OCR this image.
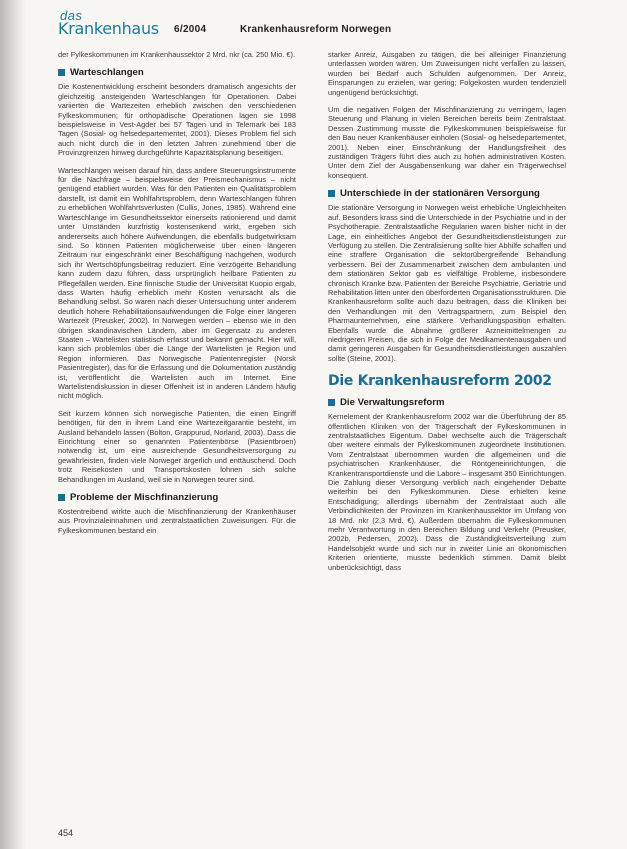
das
Krankenhaus 6/2004	Krankenhausreform Norwegen

der Fylkeskommunen im Krankenhaussektor 2 Mrd. nkr (ca. 250 Mio. €).

Warteschlangen

Die Kostenentwicklung erscheint besonders dramatisch angesichts der gleichzeitig ansteigenden Warteschlangen für Operationen. Dabei variierten die Wartezeiten erheblich zwischen den verschiedenen Fylkeskommunen; für orthopädische Operationen lagen sie 1998 beispielsweise in Vest-Agder bei 57 Tagen und in Telemark bei 183 Tagen (Sosial- og helsedepartementet, 2001). Dieses Problem fiel sich auch nicht durch die in den letzten Jahren zunehmend über die Provinzgrenzen hinweg durchgeführte Kapazitätsplanung beseitigen.

Warteschlangen weisen darauf hin, dass andere Steuerungsinstrumente für die Nachfrage – beispielsweise der Preismechanismus – nicht genügend etabliert wurden. Was für den Patienten ein Qualitätsproblem darstellt, ist damit ein Wohlfahrtsproblem, denn Warteschlangen führen zu erheblichen Wohlfahrtsverlusten (Cullis, Jones, 1985). Während eine Warteschlange im Gesundheitssektor einerseits rationierend und damit unter Umständen kurzfristig kostensenkend wirkt, ergeben sich andererseits auch höhere Aufwendungen, die ebenfalls budgetwirksam sind. So können Patienten möglicherweise über einen längeren Zeitraum nur eingeschränkt einer Beschäftigung nachgehen, wodurch sich ihr Wertschöpfungsbeitrag reduziert. Eine verzögerte Behandlung kann zudem dazu führen, dass ursprünglich heilbare Patienten zu Pflegefällen werden. Eine finnische Studie der Universität Kuopio ergab, dass Warten häufig erheblich mehr Kosten verursacht als die Behandlung selbst. So waren nach dieser Untersuchung unter anderem deutlich höhere Rehabilitationsaufwendungen die Folge einer längeren Wartezeit (Preusker, 2002). In Norwegen werden – ebenso wie in den übrigen skandinavischen Ländern, aber im Gegensatz zu anderen Staaten – Wartelisten statistisch erfasst und bekannt gemacht. Hier will, kann sich problemlos über die Länge der Wartelisten je Region und Region informieren. Das Norwegische Patientenregister (Norsk Pasientregister), das für die Erfassung und die Dokumentation zuständig ist, veröffentlicht die Wartelisten auch im Internet. Eine Wartelistendiskussion in dieser Offenheit ist in anderen Ländern häufig nicht möglich.

Seit kurzem können sich norwegische Patienten, die einen Eingriff benötigen, für den in ihrem Land eine Wartezeitgarantie besteht, im Ausland behandeln lassen (Bolton, Grappurud, Norland, 2003). Dass die Einrichtung einer so genannten Patientenbörse (Pasientbroen) notwendig ist, um eine ausreichende Gesundheitsversorgung zu gewährleisten, finden viele Norweger ärgerlich und enttäuschend. Doch trotz Reisekosten und Transportskosten lohnen sich solche Behandlungen im Ausland, weil sie in Norwegen teurer sind.

Probleme der Mischfinanzierung

Kostentreibend wirkte auch die Mischfinanzierung der Krankenhäuser aus Provinzialeinnahmen und zentralstaatlichen Zuweisungen. Für die Fylkeskommunen bestand ein

starker Anreiz, Ausgaben zu tätigen, die bei alleiniger Finanzierung unterlassen worden wären. Um Zuweisungen nicht verfallen zu lassen, wurden bei Bedarf auch Schulden aufgenommen. Der Anreiz, Einsparungen zu erzielen, war gering; Folgekosten wurden tendenziell ungenügend berücksichtigt.

Um die negativen Folgen der Mischfinanzierung zu verringern, lagen Steuerung und Planung in vielen Bereichen bereits beim Zentralstaat. Dessen Zustimmung musste die Fylkeskommunen beispielsweise für den Bau neuer Krankenhäuser einholen (Sosial- og helsedepartementet, 2001). Neben einer Einschränkung der Handlungsfreiheit des zuständigen Trägers führt dies auch zu hohen administrativen Kosten. Unter dem Ziel der Ausgabensenkung war daher ein Trägerwechsel konsequent.

Unterschiede in der stationären Versorgung

Die stationäre Versorgung in Norwegen weist erhebliche Ungleichheiten auf. Besonders krass sind die Unterschiede in der Psychiatrie und in der Psychotherapie. Zentralstaatliche Regularien waren bisher nicht in der Lage, ein einheitliches Angebot der Gesundheitsdienstleistungen zur Verfügung zu stellen. Die Zentralisierung sollte hier Abhilfe schaffen und eine straffere Organisation die sektorübergreifende Behandlung verbessern. Bei der Zusammenarbeit zwischen dem ambulanten und dem stationären Sektor gab es vielfältige Probleme, insbesondere chronisch Kranke bzw. Patienten der Bereiche Psychiatrie, Geriatrie und Rehabilitation litten unter den überforderten Organisationsstrukturen. Die Krankenhausreform sollte auch dazu beitragen, dass die Kliniken bei den Verhandlungen mit den Vertragspartnern, zum Beispiel den Pharmaunternehmen, eine stärkere Verhandlungsposition erhalten. Ebenfalls wurde die Abnahme größerer Arzneimittelmengen zu niedrigeren Preisen, die sich in Folge der Medikamentenausgaben und damit geringeren Ausgaben für Gesundheitsdienstleistungen auszahlen sollte (Steine, 2001).

Die Krankenhausreform 2002
Die Verwaltungsreform

Kernelement der Krankenhausreform 2002 war die Überführung der 85 öffentlichen Kliniken von der Trägerschaft der Fylkeskommunen in zentralstaatliches Eigentum. Dabei wechselte auch die Trägerschaft über weitere einmals der Fylkeskommunen zugeordnete Institutionen. Vom Zentralstaat übernommen wurden die allgemeinen und die psychiatrischen Krankenhäuser, die Röntgeneinrichtungen, die Krankentransportdienste und die Labore – insgesamt 350 Einrichtungen. Die Zahlung dieser Versorgung verblich nach eingehender Debatte weiterhin bei den Fylkeskommunen. Diese erhielten keine Entschädigung; allerdings übernahm der Zentralstaat auch alle Verbindlichkeiten der Provinzen im Krankenhaussektor im Umfang von 18 Mrd. nkr (2,3 Mrd. €). Außerdem übernahm die Fylkeskommunen mehr Verantwortung in den Bereichen Bildung und Verkehr (Preusker, 2002b, Pedersen, 2002). Dass die Zuständigkeitsverteilung zum Handelsobjekt wurde und sich nur in zweiter Linie an ökonomischen Kriterien orientierte, musste bedenklich stimmen. Damit bleibt unberücksichtigt, dass

454
